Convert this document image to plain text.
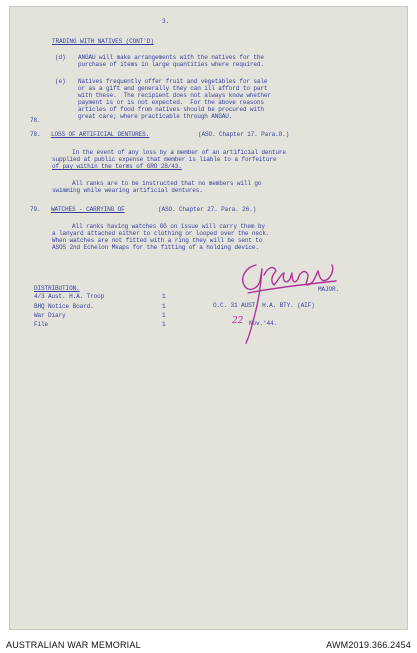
3.
TRADING WITH NATIVES (CONT'D)
(d) ANGAU will make arrangements with the natives for the
purchase of items in large quantities where required.
(e) Natives frequently offer fruit and vegetables for sale
or as a gift and generally they can ill afford to part
with these.  The recipient does not always know whether
payment is or is not expected.  For the above reasons
articles of food from natives should be procured with
great care; where practicable through ANGAU.
78.
78. LOSS OF ARTIFICIAL DENTURES.	(ASO. Chapter 17. Para.8.)
In the event of any loss by a member of an artificial denture
supplied at public expense that member is liable to a forfeiture
of pay within the terms of GRO 28/43.
All ranks are to be instructed that no members will go
swimming while wearing artificial dentures.
79. WATCHES - CARRYING OF	(ASO. Chapter 27. Para. 26.)
All ranks having watches GG on issue will carry them by
a lanyard attached either to clothing or looped over the neck.
When watches are not fitted with a ring they will be sent to
ASOS 2nd Echelon Mkaps for the fitting of a holding device.
DISTRIBUTION.
4/3 Aust. H.A. Troop	1
BHQ Notice Board.	1
War Diary	1
File	1
MAJOR.
O.C. 31 AUST. H.A. BTY. (AIF)
22 Nov.'44.
AUSTRALIAN WAR MEMORIAL	AWM2019.366.2454
